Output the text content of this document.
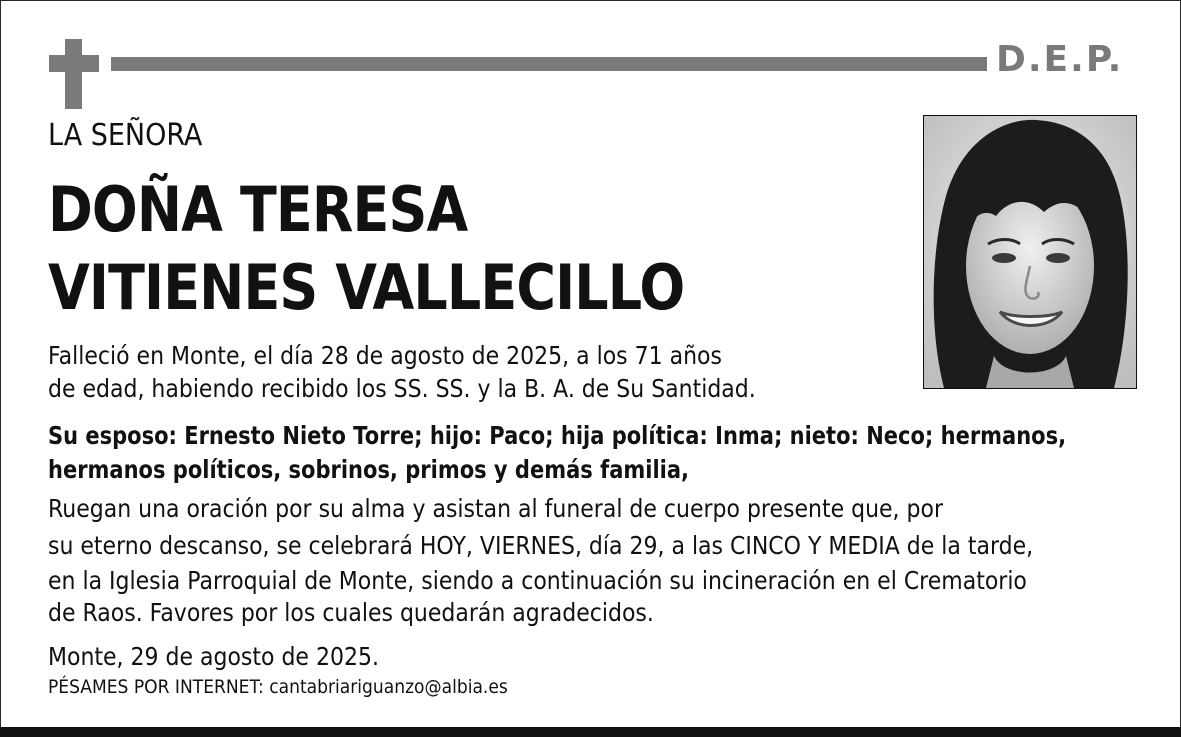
D.E.P.
LA SEÑORA
DOÑA TERESA
VITIENES VALLECILLO
Falleció en Monte, el día 28 de agosto de 2025, a los 71 años
de edad, habiendo recibido los SS. SS. y la B. A. de Su Santidad.
Su esposo: Ernesto Nieto Torre; hijo: Paco; hija política: Inma; nieto: Neco; hermanos,
hermanos políticos, sobrinos, primos y demás familia,
Ruegan una oración por su alma y asistan al funeral de cuerpo presente que, por
su eterno descanso, se celebrará HOY, VIERNES, día 29, a las CINCO Y MEDIA de la tarde,
en la Iglesia Parroquial de Monte, siendo a continuación su incineración en el Crematorio
de Raos. Favores por los cuales quedarán agradecidos.
Monte, 29 de agosto de 2025.
PÉSAMES POR INTERNET: cantabriariguanzo@albia.es
